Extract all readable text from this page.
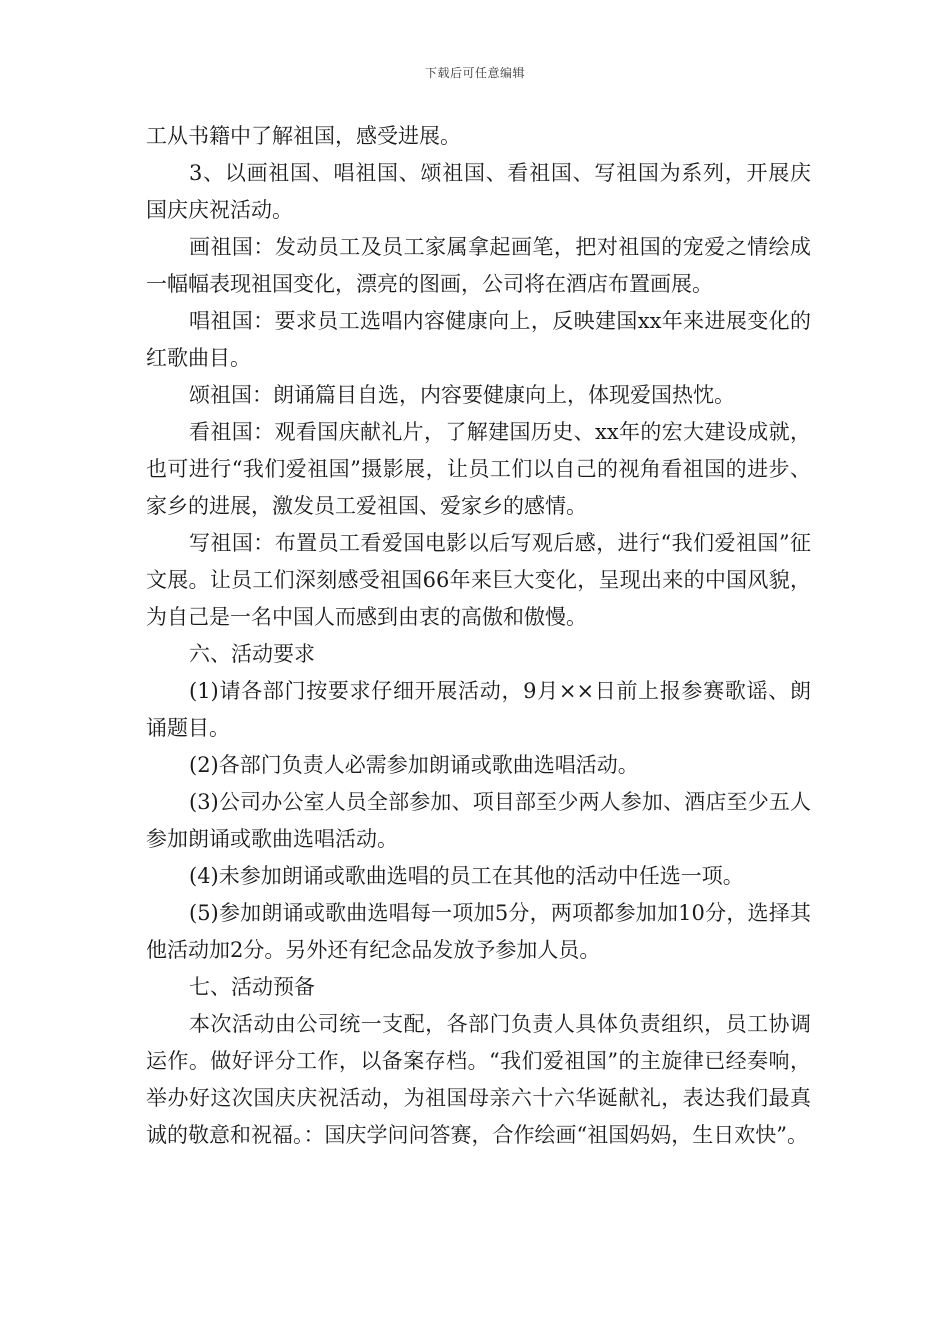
下载后可任意编辑

工从书籍中了解祖国，感受进展。

3、以画祖国、唱祖国、颂祖国、看祖国、写祖国为系列，开展庆国庆庆祝活动。

画祖国：发动员工及员工家属拿起画笔，把对祖国的宠爱之情绘成一幅幅表现祖国变化，漂亮的图画，公司将在酒店布置画展。

唱祖国：要求员工选唱内容健康向上，反映建国xx年来进展变化的红歌曲目。

颂祖国：朗诵篇目自选，内容要健康向上，体现爱国热忱。

看祖国：观看国庆献礼片，了解建国历史、xx年的宏大建设成就，也可进行“我们爱祖国”摄影展，让员工们以自己的视角看祖国的进步、家乡的进展，激发员工爱祖国、爱家乡的感情。

写祖国：布置员工看爱国电影以后写观后感，进行“我们爱祖国”征文展。让员工们深刻感受祖国66年来巨大变化，呈现出来的中国风貌，为自己是一名中国人而感到由衷的高傲和傲慢。

六、活动要求

(1)请各部门按要求仔细开展活动，9月××日前上报参赛歌谣、朗诵题目。

(2)各部门负责人必需参加朗诵或歌曲选唱活动。

(3)公司办公室人员全部参加、项目部至少两人参加、酒店至少五人参加朗诵或歌曲选唱活动。

(4)未参加朗诵或歌曲选唱的员工在其他的活动中任选一项。

(5)参加朗诵或歌曲选唱每一项加5分，两项都参加加10分，选择其他活动加2分。另外还有纪念品发放予参加人员。

七、活动预备

本次活动由公司统一支配，各部门负责人具体负责组织，员工协调运作。做好评分工作，以备案存档。“我们爱祖国”的主旋律已经奏响，举办好这次国庆庆祝活动，为祖国母亲六十六华诞献礼，表达我们最真诚的敬意和祝福。：国庆学问问答赛，合作绘画“祖国妈妈，生日欢快”。
